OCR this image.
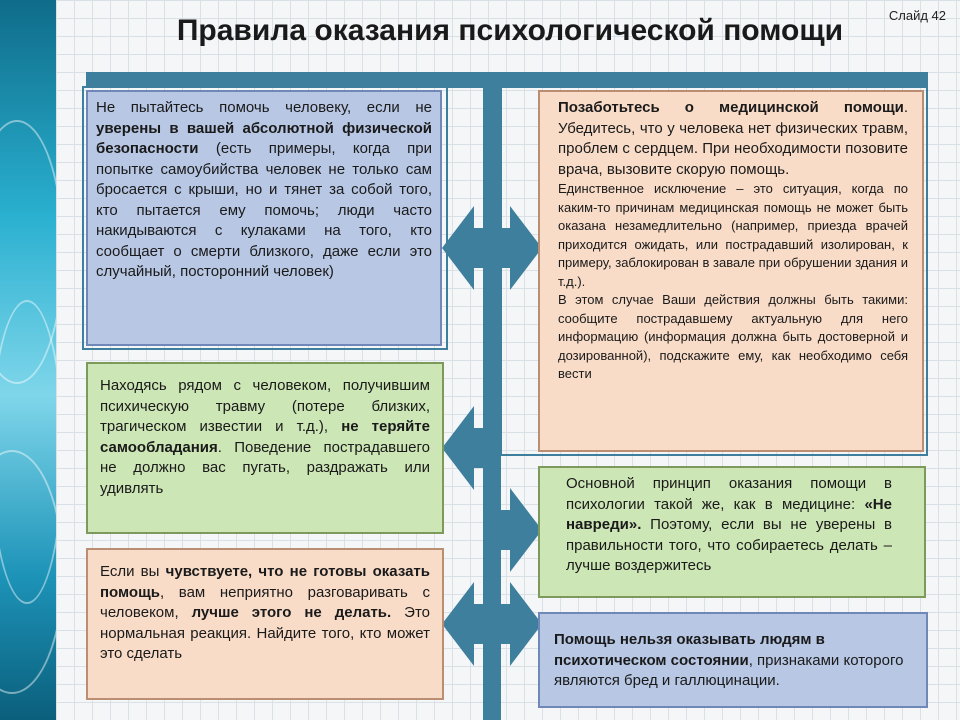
Слайд 42
Правила оказания психологической помощи
Не пытайтесь помочь человеку, если не уверены в вашей абсолютной физической безопасности (есть примеры, когда при попытке самоубийства человек не только сам бросается с крыши, но и тянет за собой того, кто пытается ему помочь; люди часто накидываются с кулаками на того, кто сообщает о смерти близкого, даже если это случайный, посторонний человек)
Находясь рядом с человеком, получившим психическую травму (потере близких, трагическом известии и т.д.), не теряйте самообладания. Поведение пострадавшего не должно вас пугать, раздражать или удивлять
Если вы чувствуете, что не готовы оказать помощь, вам неприятно разговаривать с человеком, лучше этого не делать. Это нормальная реакция. Найдите того, кто может это сделать

Позаботьтесь о медицинской помощи. Убедитесь, что у человека нет физических травм, проблем с сердцем. При необходимости позовите врача, вызовите скорую помощь.

Единственное исключение – это ситуация, когда по каким-то причинам медицинская помощь не может быть оказана незамедлительно (например, приезда врачей приходится ожидать, или пострадавший изолирован, к примеру, заблокирован в завале при обрушении здания и т.д.).

В этом случае Ваши действия должны быть такими: сообщите пострадавшему актуальную для него информацию (информация должна быть достоверной и дозированной), подскажите ему, как необходимо себя вести

Основной принцип оказания помощи в психологии такой же, как в медицине: «Не навреди». Поэтому, если вы не уверены в правильности того, что собираетесь делать – лучше воздержитесь
Помощь нельзя оказывать людям в психотическом состоянии, признаками которого являются бред и галлюцинации.
